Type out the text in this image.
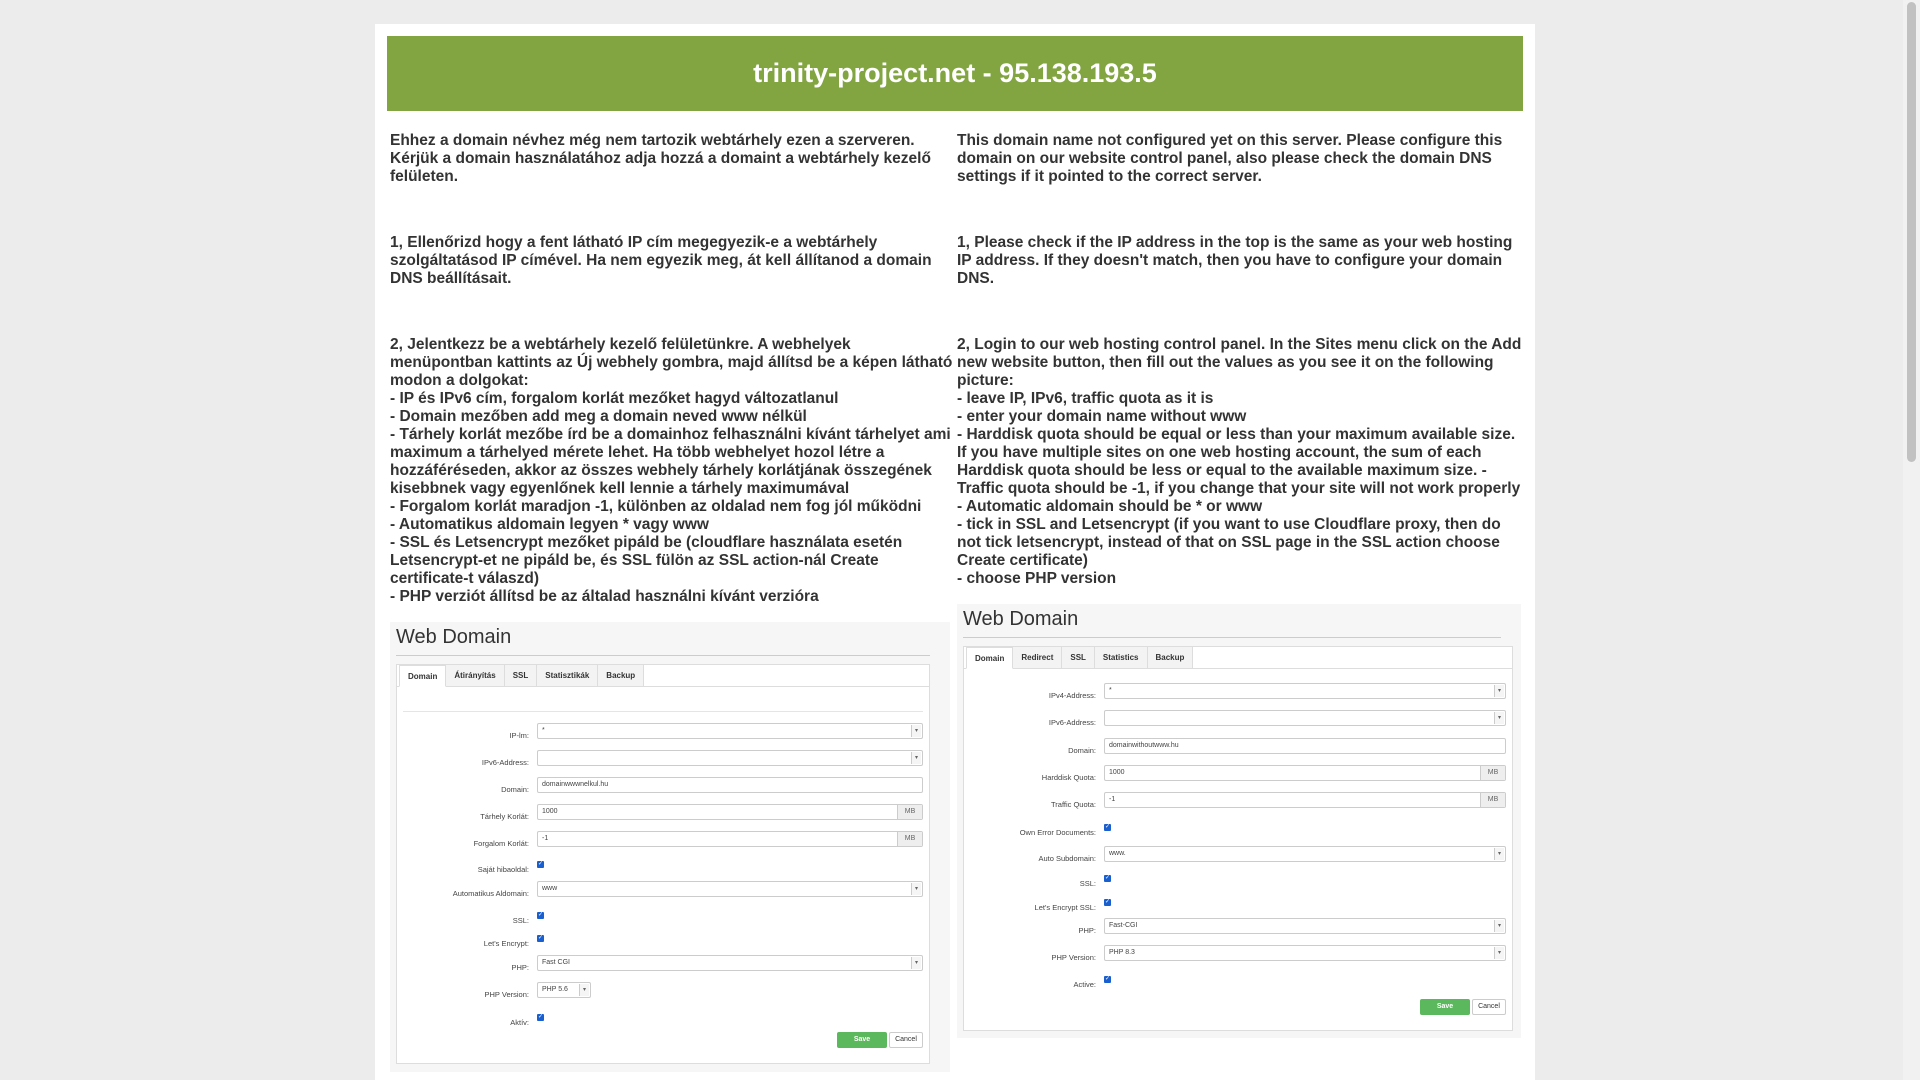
trinity-project.net - 95.138.193.5

Ehhez a domain névhez még nem tartozik webtárhely ezen a szerveren. Kérjük a domain használatához adja hozzá a domaint a webtárhely kezelő felületen.

1, Ellenőrizd hogy a fent látható IP cím megegyezik-e a webtárhely szolgáltatásod IP címével. Ha nem egyezik meg, át kell állítanod a domain DNS beállításait.

2, Jelentkezz be a webtárhely kezelő felületünkre. A webhelyek menüpontban kattints az Új webhely gombra, majd állítsd be a képen látható modon a dolgokat:

- IP és IPv6 cím, forgalom korlát mezőket hagyd változatlanul

- Domain mezőben add meg a domain neved www nélkül

- Tárhely korlát mezőbe írd be a domainhoz felhasználni kívánt tárhelyet ami maximum a tárhelyed mérete lehet. Ha több webhelyet hozol létre a hozzáféréseden, akkor az összes webhely tárhely korlátjának összegének kisebbnek vagy egyenlőnek kell lennie a tárhely maximumával

- Forgalom korlát maradjon -1, különben az oldalad nem fog jól működni

- Automatikus aldomain legyen * vagy www

- SSL és Letsencrypt mezőket pipáld be (cloudflare használata esetén Letsencrypt-et ne pipáld be, és SSL fülön az SSL action-nál Create certificate-t válaszd)

- PHP verziót állítsd be az általad használni kívánt verzióra

Web Domain
Domain	Átirányítás	SSL	Statisztikák	Backup
IP-lm:
*	▾
IPv6-Address:	▾
Domain:
domainwwwnelkul.hu
Tárhely Korlát:
1000	MB
Forgalom Korlát:
-1	MB
Saját hibaoldal:
✓
Automatikus Aldomain:
www	▾
SSL:
✓
Let's Encrypt:
✓
PHP:
Fast CGI	▾
PHP Version:
PHP 5.6	▾
Aktív:
✓
Save	Cancel

This domain name not configured yet on this server. Please configure this domain on our website control panel, also please check the domain DNS settings if it pointed to the correct server.

1, Please check if the IP address in the top is the same as your web hosting IP address. If they doesn't match, then you have to configure your domain DNS.

2, Login to our web hosting control panel. In the Sites menu click on the Add new website button, then fill out the values as you see it on the following picture:

- leave IP, IPv6, traffic quota as it is

- enter your domain name without www

- Harddisk quota should be equal or less than your maximum available size. If you have multiple sites on one web hosting account, the sum of each Harddisk quota should be less or equal to the available maximum size. - Traffic quota should be -1, if you change that your site will not work properly

- Automatic aldomain should be * or www

- tick in SSL and Letsencrypt (if you want to use Cloudflare proxy, then do not tick letsencrypt, instead of that on SSL page in the SSL action choose Create certificate)

- choose PHP version

Web Domain
Domain	Redirect	SSL	Statistics	Backup
IPv4-Address:
*	▾
IPv6-Address:	▾
Domain:
domainwithoutwww.hu
Harddisk Quota:
1000	MB
Traffic Quota:
-1	MB
Own Error Documents:
✓
Auto Subdomain:
www.	▾
SSL:
✓
Let's Encrypt SSL:
✓
PHP:
Fast-CGI	▾
PHP Version:
PHP 8.3	▾
Active:
✓
Save	Cancel
